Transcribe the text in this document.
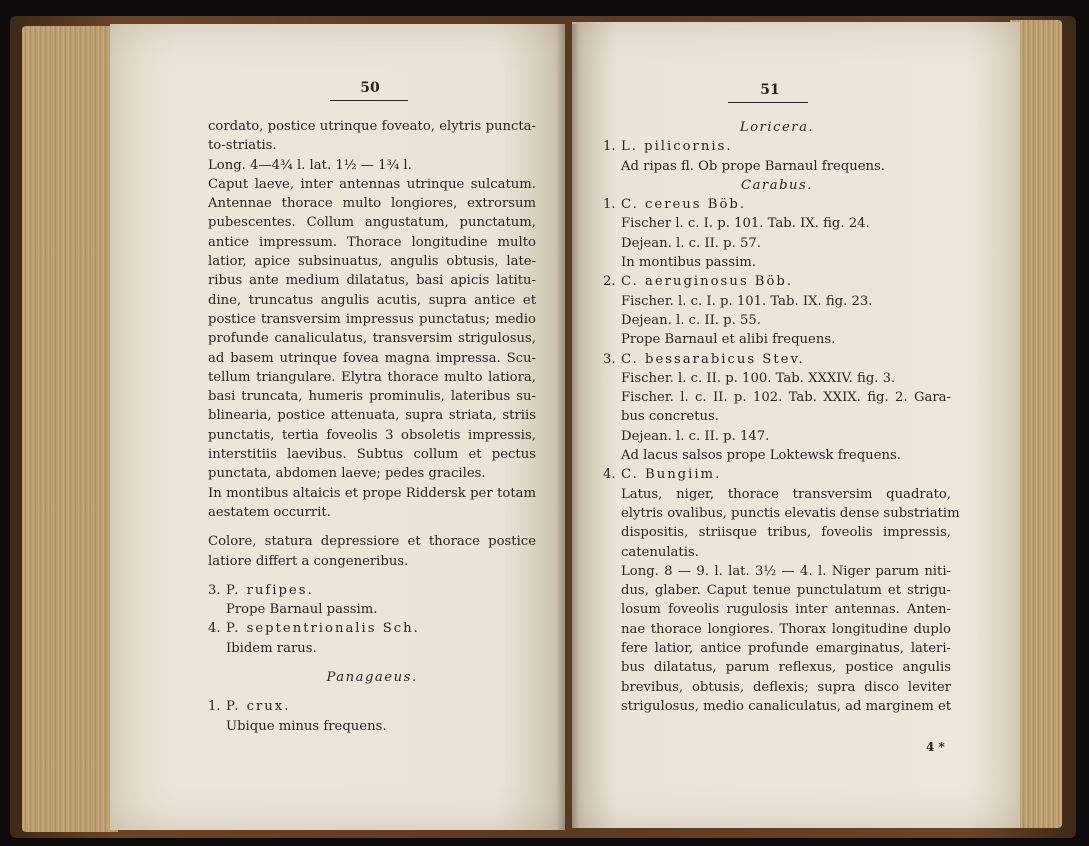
50	51
cordato, postice utrinque foveato, elytris puncta-
to-striatis.
Long. 4—4¾ l. lat. 1½ — 1¾ l.
Caput laeve, inter antennas utrinque sulcatum.
Antennae thorace multo longiores, extrorsum
pubescentes. Collum angustatum, punctatum,
antice impressum. Thorace longitudine multo
latior, apice subsinuatus, angulis obtusis, late-
ribus ante medium dilatatus, basi apicis latitu-
dine, truncatus angulis acutis, supra antice et
postice transversim impressus punctatus; medio
profunde canaliculatus, transversim strigulosus,
ad basem utrinque fovea magna impressa. Scu-
tellum triangulare. Elytra thorace multo latiora,
basi truncata, humeris prominulis, lateribus su-
blinearia, postice attenuata, supra striata, striis
punctatis, tertia foveolis 3 obsoletis impressis,
interstitiis laevibus. Subtus collum et pectus
punctata, abdomen laeve; pedes graciles.
In montibus altaicis et prope Riddersk per totam
aestatem occurrit.
Colore, statura depressiore et thorace postice
latiore differt a congeneribus.
3. P. rufipes.
Prope Barnaul passim.
4. P. septentrionalis Sch.
Ibidem rarus.
Panagaeus.
1. P. crux.
Ubique minus frequens.
Loricera.
1. L. pilicornis.
Ad ripas fl. Ob prope Barnaul frequens.
Carabus.
1. C. cereus Böb.
Fischer l. c. I. p. 101. Tab. IX. fig. 24.
Dejean. l. c. II. p. 57.
In montibus passim.
2. C. aeruginosus Böb.
Fischer. l. c. I. p. 101. Tab. IX. fig. 23.
Dejean. l. c. II. p. 55.
Prope Barnaul et alibi frequens.
3. C. bessarabicus Stev.
Fischer. l. c. II. p. 100. Tab. XXXIV. fig. 3.
Fischer. l. c. II. p. 102. Tab. XXIX. fig. 2. Gara-
bus concretus.
Dejean. l. c. II. p. 147.
Ad lacus salsos prope Loktewsk frequens.
4. C. Bungiim.
Latus, niger, thorace transversim quadrato,
elytris ovalibus, punctis elevatis dense substriatim
dispositis, striisque tribus, foveolis impressis,
catenulatis.
Long. 8 — 9. l. lat. 3½ — 4. l. Niger parum niti-
dus, glaber. Caput tenue punctulatum et strigu-
losum foveolis rugulosis inter antennas. Anten-
nae thorace longiores. Thorax longitudine duplo
fere latior, antice profunde emarginatus, lateri-
bus dilatatus, parum reflexus, postice angulis
brevibus, obtusis, deflexis; supra disco leviter
strigulosus, medio canaliculatus, ad marginem et
4 *
